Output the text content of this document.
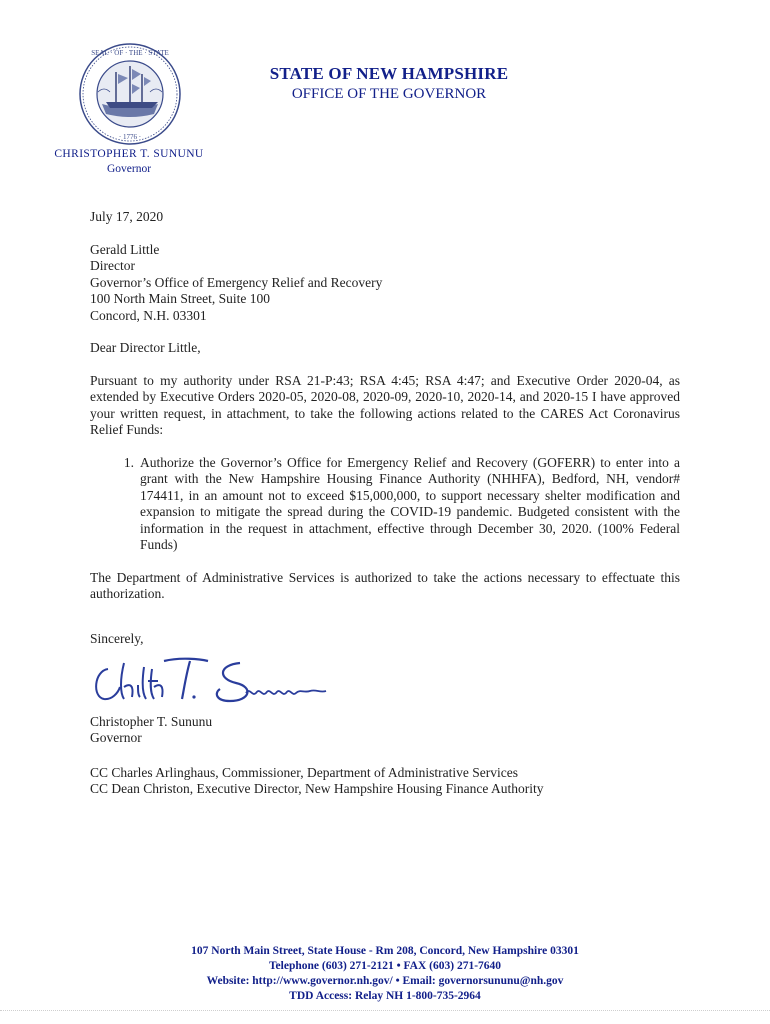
SEAL · OF · THE · STATE
· 1776 ·
STATE OF NEW HAMPSHIRE
OFFICE OF THE GOVERNOR
CHRISTOPHER T. SUNUNU
Governor
July 17, 2020
Gerald Little
Director
Governor’s Office of Emergency Relief and Recovery
100 North Main Street, Suite 100
Concord, N.H. 03301
Dear Director Little,
Pursuant to my authority under RSA 21-P:43; RSA 4:45; RSA 4:47; and Executive Order 2020-04, as extended by Executive Orders 2020-05, 2020-08, 2020-09, 2020-10, 2020-14, and 2020-15 I have approved your written request, in attachment, to take the following actions related to the CARES Act Coronavirus Relief Funds:
1. Authorize the Governor’s Office for Emergency Relief and Recovery (GOFERR) to enter into a grant with the New Hampshire Housing Finance Authority (NHHFA), Bedford, NH, vendor# 174411, in an amount not to exceed $15,000,000, to support necessary shelter modification and expansion to mitigate the spread during the COVID-19 pandemic. Budgeted consistent with the information in the request in attachment, effective through December 30, 2020. (100% Federal Funds)
The Department of Administrative Services is authorized to take the actions necessary to effectuate this authorization.
Sincerely,
Christopher T. Sununu
Governor
CC Charles Arlinghaus, Commissioner, Department of Administrative Services
CC Dean Christon, Executive Director, New Hampshire Housing Finance Authority
107 North Main Street, State House - Rm 208, Concord, New Hampshire 03301
Telephone (603) 271-2121 • FAX (603) 271-7640
Website: http://www.governor.nh.gov/ • Email: governorsununu@nh.gov
TDD Access: Relay NH 1-800-735-2964
